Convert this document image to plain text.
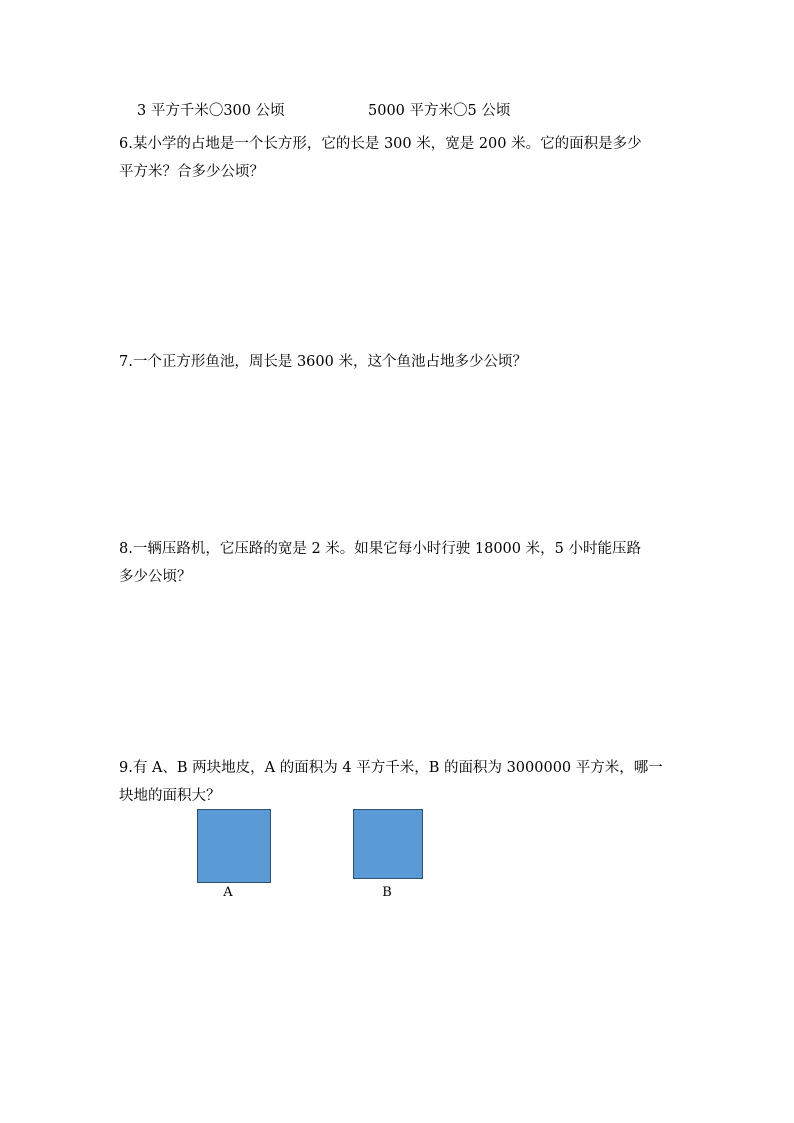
3 平方千米〇300 公顷	5000 平方米〇5 公顷
6.某小学的占地是一个长方形，它的长是 300 米，宽是 200 米。它的面积是多少
平方米？合多少公顷？
7.一个正方形鱼池，周长是 3600 米，这个鱼池占地多少公顷？
8.一辆压路机，它压路的宽是 2 米。如果它每小时行驶 18000 米，5 小时能压路
多少公顷？
9.有 A、B 两块地皮，A 的面积为 4 平方千米，B 的面积为 3000000 平方米，哪一
块地的面积大？
A	B
